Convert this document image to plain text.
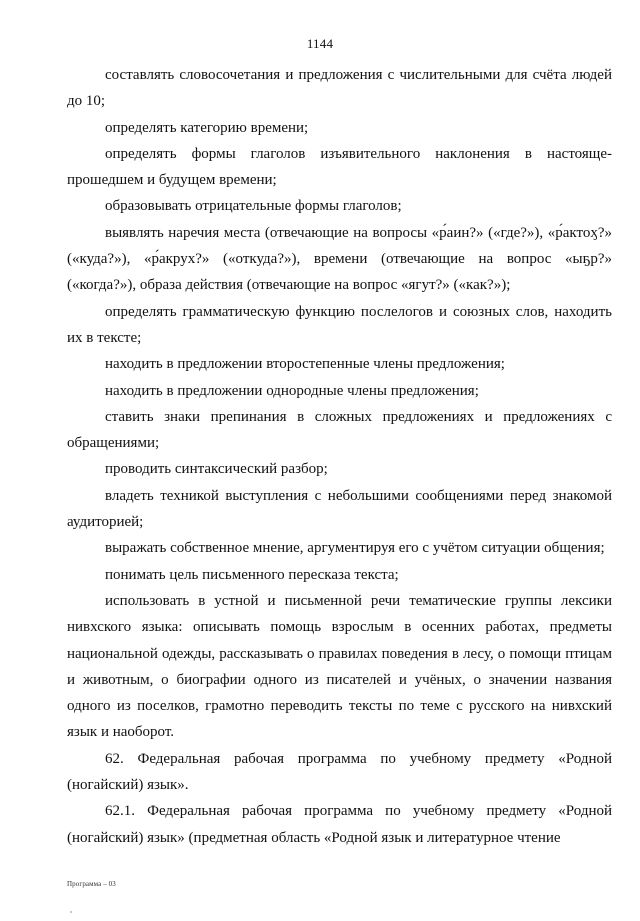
1144

составлять словосочетания и предложения с числительными для счёта людей до 10;

определять категорию времени;

определять формы глаголов изъявительного наклонения в настояще-прошедшем и будущем времени;

образовывать отрицательные формы глаголов;

выявлять наречия места (отвечающие на вопросы «р́аин?» («где?»), «р́актоӽ?» («куда?»), «р́акрух?» («откуда?»), времени (отвечающие на вопрос «ыҕр?» («когда?»), образа действия (отвечающие на вопрос «ягут?» («как?»);

определять грамматическую функцию послелогов и союзных слов, находить их в тексте;

находить в предложении второстепенные члены предложения;

находить в предложении однородные члены предложения;

ставить знаки препинания в сложных предложениях и предложениях с обращениями;

проводить синтаксический разбор;

владеть техникой выступления с небольшими сообщениями перед знакомой аудиторией;

выражать собственное мнение, аргументируя его с учётом ситуации общения;

понимать цель письменного пересказа текста;

использовать в устной и письменной речи тематические группы лексики нивхского языка: описывать помощь взрослым в осенних работах, предметы национальной одежды, рассказывать о правилах поведения в лесу, о помощи птицам и животным, о биографии одного из писателей и учёных, о значении названия одного из поселков, грамотно переводить тексты по теме с русского на нивхский язык и наоборот.

62. Федеральная рабочая программа по учебному предмету «Родной (ногайский) язык».

62.1. Федеральная рабочая программа по учебному предмету «Родной (ногайский) язык» (предметная область «Родной язык и литературное чтение

Программа – 03
